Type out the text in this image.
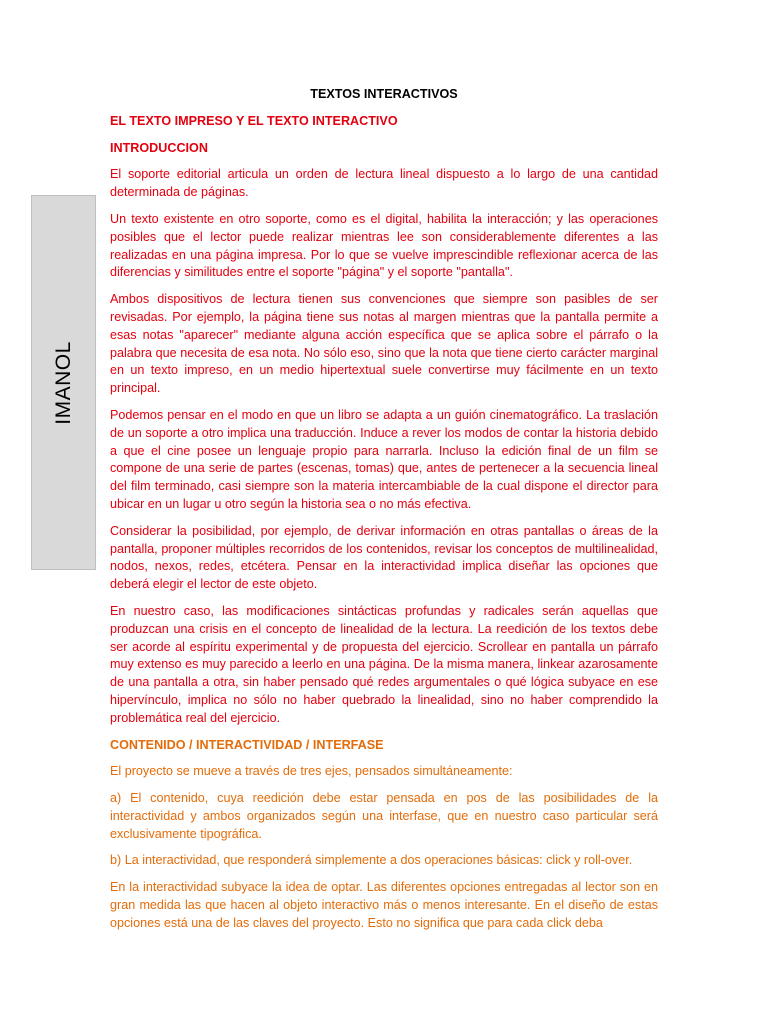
IMANOL
TEXTOS INTERACTIVOS
EL TEXTO IMPRESO Y EL TEXTO INTERACTIVO
INTRODUCCION

El soporte editorial articula un orden de lectura lineal dispuesto a lo largo de una cantidad determinada de páginas.

Un texto existente en otro soporte, como es el digital, habilita la interacción; y las operaciones posibles que el lector puede realizar mientras lee son considerablemente diferentes a las realizadas en una página impresa. Por lo que se vuelve imprescindible reflexionar acerca de las diferencias y similitudes entre el soporte "página" y el soporte "pantalla".

Ambos dispositivos de lectura tienen sus convenciones que siempre son pasibles de ser revisadas. Por ejemplo, la página tiene sus notas al margen mientras que la pantalla permite a esas notas "aparecer" mediante alguna acción específica que se aplica sobre el párrafo o la palabra que necesita de esa nota. No sólo eso, sino que la nota que tiene cierto carácter marginal en un texto impreso, en un medio hipertextual suele convertirse muy fácilmente en un texto principal.

Podemos pensar en el modo en que un libro se adapta a un guión cinematográfico. La traslación de un soporte a otro implica una traducción. Induce a rever los modos de contar la historia debido a que el cine posee un lenguaje propio para narrarla. Incluso la edición final de un film se compone de una serie de partes (escenas, tomas) que, antes de pertenecer a la secuencia lineal del film terminado, casi siempre son la materia intercambiable de la cual dispone el director para ubicar en un lugar u otro según la historia sea o no más efectiva.

Considerar la posibilidad, por ejemplo, de derivar información en otras pantallas o áreas de la pantalla, proponer múltiples recorridos de los contenidos, revisar los conceptos de multilinealidad, nodos, nexos, redes, etcétera. Pensar en la interactividad implica diseñar las opciones que deberá elegir el lector de este objeto.

En nuestro caso, las modificaciones sintácticas profundas y radicales serán aquellas que produzcan una crisis en el concepto de linealidad de la lectura. La reedición de los textos debe ser acorde al espíritu experimental y de propuesta del ejercicio. Scrollear en pantalla un párrafo muy extenso es muy parecido a leerlo en una página. De la misma manera, linkear azarosamente de una pantalla a otra, sin haber pensado qué redes argumentales o qué lógica subyace en ese hipervínculo, implica no sólo no haber quebrado la linealidad, sino no haber comprendido la problemática real del ejercicio.

CONTENIDO / INTERACTIVIDAD / INTERFASE

El proyecto se mueve a través de tres ejes, pensados simultáneamente:

a) El contenido, cuya reedición debe estar pensada en pos de las posibilidades de la interactividad y ambos organizados según una interfase, que en nuestro caso particular será exclusivamente tipográfica.

b) La interactividad, que responderá simplemente a dos operaciones básicas: click y roll-over.

En la interactividad subyace la idea de optar. Las diferentes opciones entregadas al lector son en gran medida las que hacen al objeto interactivo más o menos interesante. En el diseño de estas opciones está una de las claves del proyecto. Esto no significa que para cada click deba
